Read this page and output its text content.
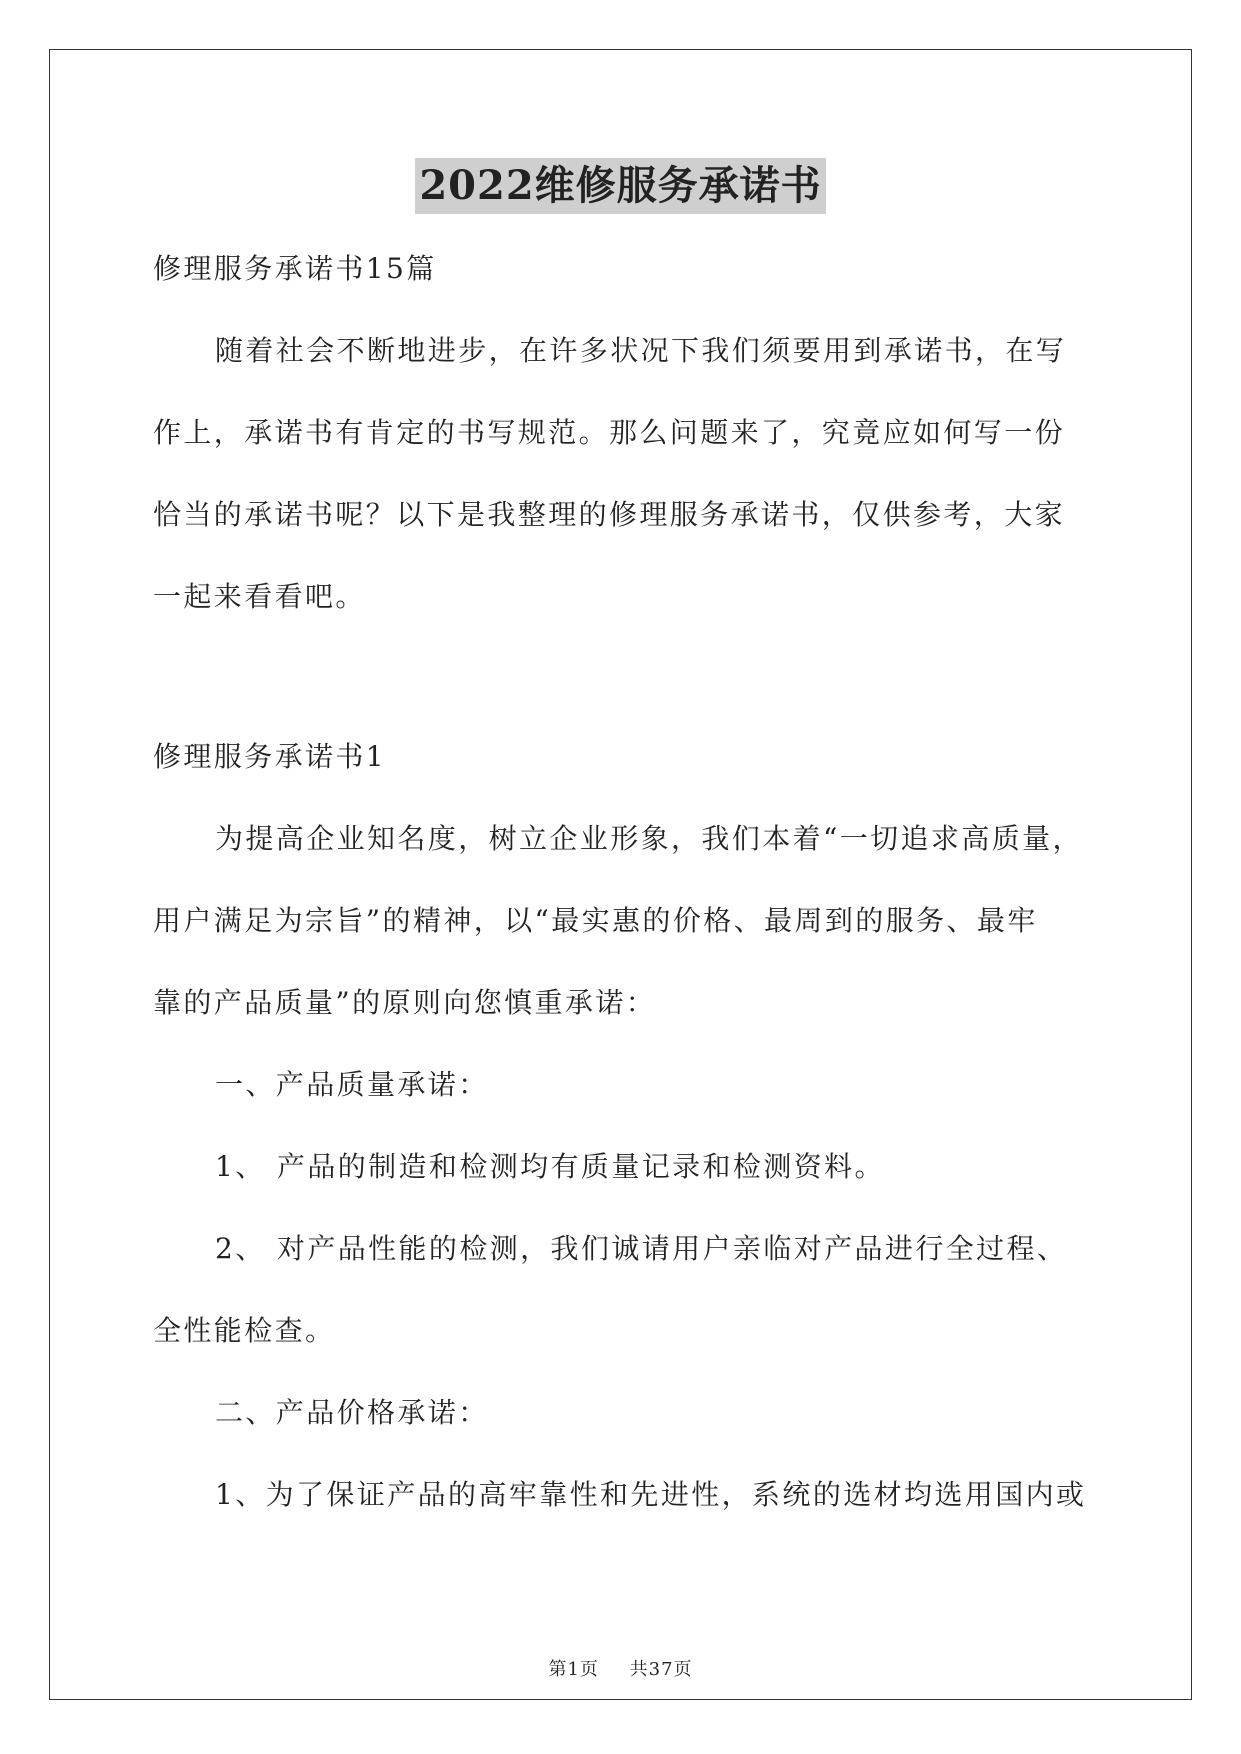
2022维修服务承诺书

修理服务承诺书15篇

随着社会不断地进步，在许多状况下我们须要用到承诺书，在写

作上，承诺书有肯定的书写规范。那么问题来了，究竟应如何写一份

恰当的承诺书呢？以下是我整理的修理服务承诺书，仅供参考，大家

一起来看看吧。

修理服务承诺书1

为提高企业知名度，树立企业形象，我们本着“一切追求高质量，

用户满足为宗旨”的精神，以“最实惠的价格、最周到的服务、最牢

靠的产品质量”的原则向您慎重承诺：

一、产品质量承诺：

1、 产品的制造和检测均有质量记录和检测资料。

2、 对产品性能的检测，我们诚请用户亲临对产品进行全过程、

全性能检查。

二、产品价格承诺：

1、为了保证产品的高牢靠性和先进性，系统的选材均选用国内或

第1页 共37页
